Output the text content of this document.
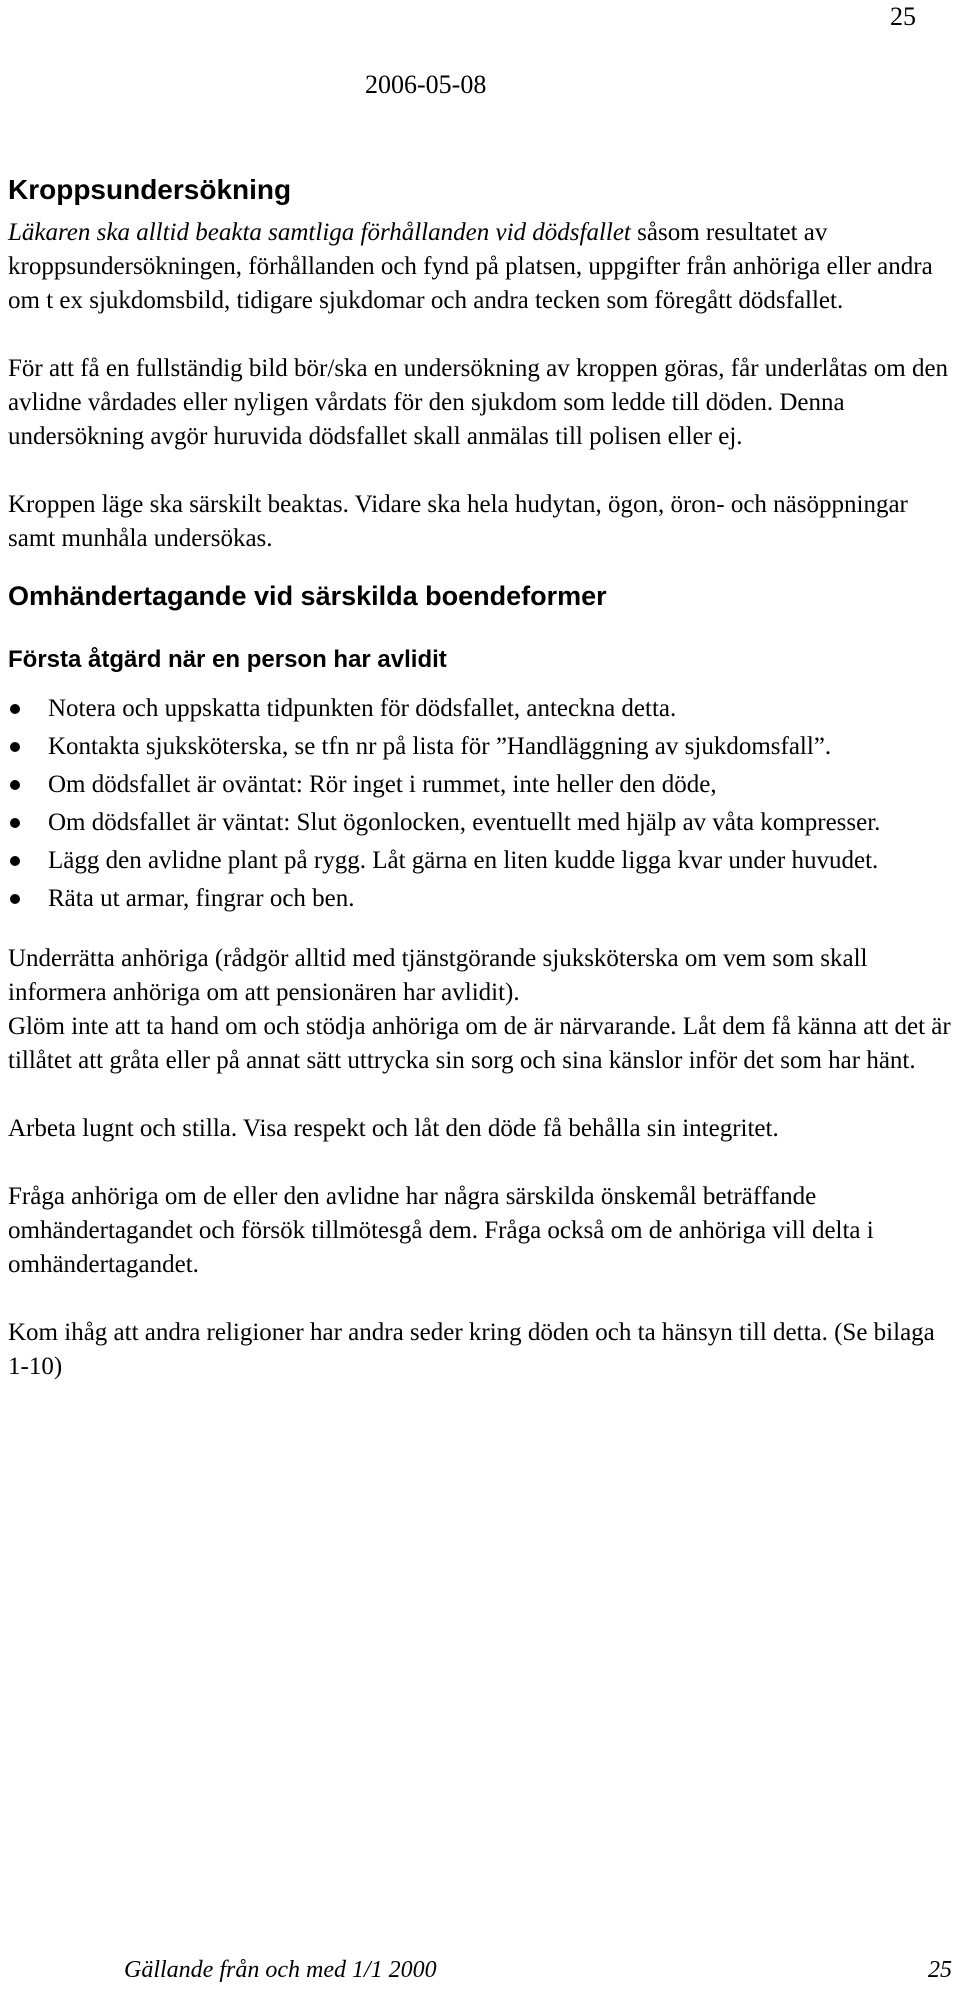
25
2006-05-08
Kroppsundersökning

Läkaren ska alltid beakta samtliga förhållanden vid dödsfallet såsom resultatet av kroppsundersökningen, förhållanden och fynd på platsen, uppgifter från anhöriga eller andra om t ex sjukdomsbild, tidigare sjukdomar och andra tecken som föregått dödsfallet.

För att få en fullständig bild bör/ska en undersökning av kroppen göras, får underlåtas om den avlidne vårdades eller nyligen vårdats för den sjukdom som ledde till döden. Denna undersökning avgör huruvida dödsfallet skall anmälas till polisen eller ej.

Kroppen läge ska särskilt beaktas. Vidare ska hela hudytan, ögon, öron- och näsöppningar samt munhåla undersökas.

Omhändertagande vid särskilda boendeformer
Första åtgärd när en person har avlidit
Notera och uppskatta tidpunkten för dödsfallet, anteckna detta.
Kontakta sjuksköterska, se tfn nr på lista för ”Handläggning av sjukdomsfall”.
Om dödsfallet är oväntat: Rör inget i rummet, inte heller den döde,
Om dödsfallet är väntat: Slut ögonlocken, eventuellt med hjälp av våta kompresser.
Lägg den avlidne plant på rygg. Låt gärna en liten kudde ligga kvar under huvudet.
Räta ut armar, fingrar och ben.

Underrätta anhöriga (rådgör alltid med tjänstgörande sjuksköterska om vem som skall informera anhöriga om att pensionären har avlidit).

Glöm inte att ta hand om och stödja anhöriga om de är närvarande. Låt dem få känna att det är tillåtet att gråta eller på annat sätt uttrycka sin sorg och sina känslor inför det som har hänt.

Arbeta lugnt och stilla. Visa respekt och låt den döde få behålla sin integritet.

Fråga anhöriga om de eller den avlidne har några särskilda önskemål beträffande omhändertagandet och försök tillmötesgå dem. Fråga också om de anhöriga vill delta i omhändertagandet.

Kom ihåg att andra religioner har andra seder kring döden och ta hänsyn till detta. (Se bilaga 1-10)

Gällande från och med 1/1 2000	25
